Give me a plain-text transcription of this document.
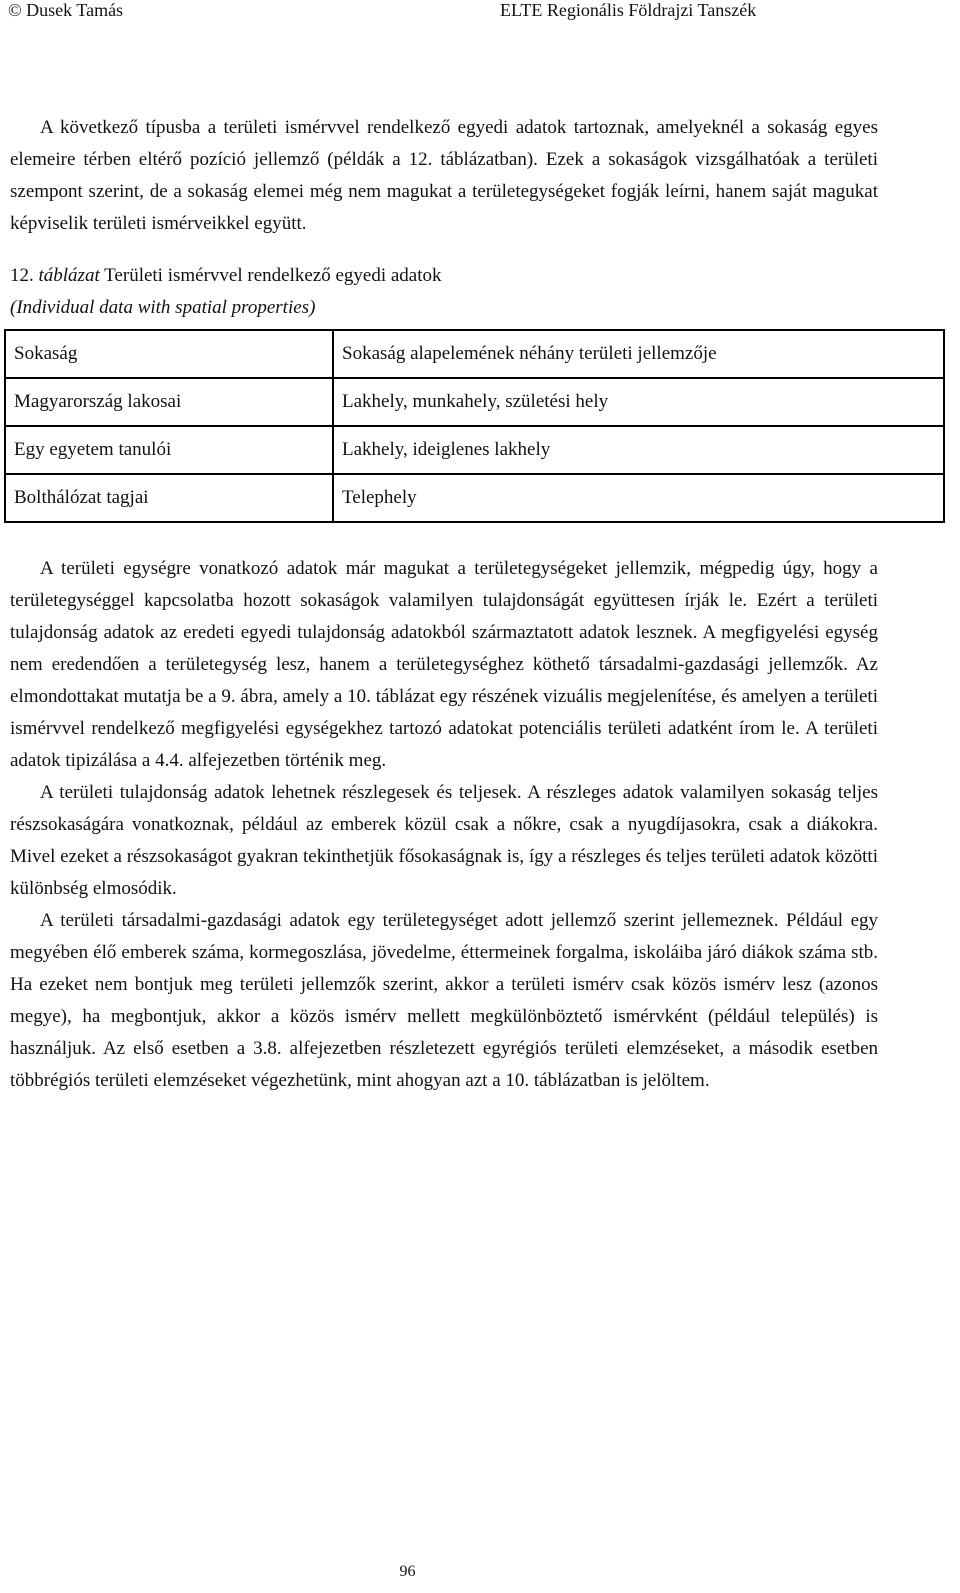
© Dusek Tamás	ELTE Regionális Földrajzi Tanszék

A következő típusba a területi ismérvvel rendelkező egyedi adatok tartoznak, amelyeknél a sokaság egyes elemeire térben eltérő pozíció jellemző (példák a 12. táblázatban). Ezek a sokaságok vizsgálhatóak a területi szempont szerint, de a sokaság elemei még nem magukat a területegységeket fogják leírni, hanem saját magukat képviselik területi ismérveikkel együtt.

12. táblázat Területi ismérvvel rendelkező egyedi adatok
(Individual data with spatial properties)
Sokaság	Sokaság alapelemének néhány területi jellemzője
Magyarország lakosai	Lakhely, munkahely, születési hely
Egy egyetem tanulói	Lakhely, ideiglenes lakhely
Bolthálózat tagjai	Telephely

A területi egységre vonatkozó adatok már magukat a területegységeket jellemzik, mégpedig úgy, hogy a területegységgel kapcsolatba hozott sokaságok valamilyen tulajdonságát együttesen írják le. Ezért a területi tulajdonság adatok az eredeti egyedi tulajdonság adatokból származtatott adatok lesznek. A megfigyelési egység nem eredendően a területegység lesz, hanem a területegységhez köthető társadalmi-gazdasági jellemzők. Az elmondottakat mutatja be a 9. ábra, amely a 10. táblázat egy részének vizuális megjelenítése, és amelyen a területi ismérvvel rendelkező megfigyelési egységekhez tartozó adatokat potenciális területi adatként írom le. A területi adatok tipizálása a 4.4. alfejezetben történik meg.

A területi tulajdonság adatok lehetnek részlegesek és teljesek. A részleges adatok valamilyen sokaság teljes részsokaságára vonatkoznak, például az emberek közül csak a nőkre, csak a nyugdíjasokra, csak a diákokra. Mivel ezeket a részsokaságot gyakran tekinthetjük fősokaságnak is, így a részleges és teljes területi adatok közötti különbség elmosódik.

A területi társadalmi-gazdasági adatok egy területegységet adott jellemző szerint jellemeznek. Például egy megyében élő emberek száma, kormegoszlása, jövedelme, éttermeinek forgalma, iskoláiba járó diákok száma stb. Ha ezeket nem bontjuk meg területi jellemzők szerint, akkor a területi ismérv csak közös ismérv lesz (azonos megye), ha megbontjuk, akkor a közös ismérv mellett megkülönböztető ismérvként (például település) is használjuk. Az első esetben a 3.8. alfejezetben részletezett egyrégiós területi elemzéseket, a második esetben többrégiós területi elemzéseket végezhetünk, mint ahogyan azt a 10. táblázatban is jelöltem.

96
